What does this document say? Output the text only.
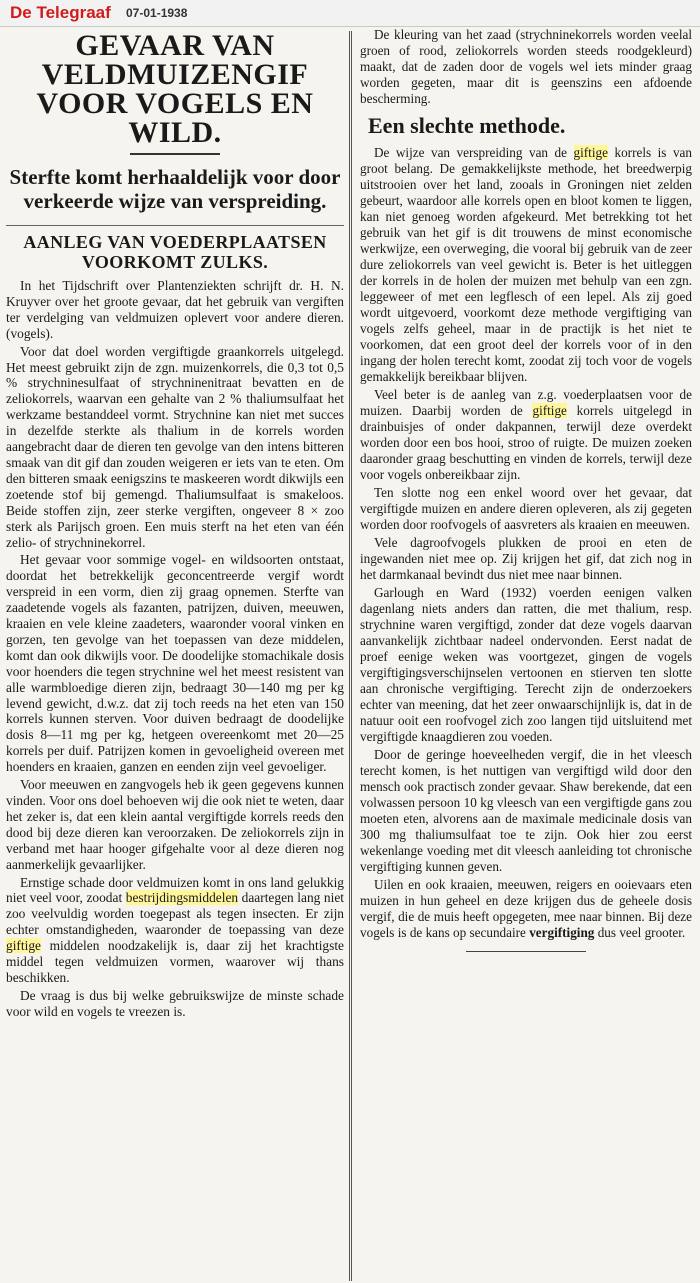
De Telegraaf 07-01-1938
GEVAAR VAN VELDMUIZENGIF VOOR VOGELS EN WILD.
Sterfte komt herhaaldelijk voor door verkeerde wijze van verspreiding.
AANLEG VAN VOEDERPLAATSEN VOORKOMT ZULKS.

In het Tijdschrift over Plantenziekten schrijft dr. H. N. Kruyver over het groote gevaar, dat het gebruik van vergiften ter verdelging van veldmuizen oplevert voor andere dieren. (vogels).

Voor dat doel worden vergiftigde graankorrels uitgelegd. Het meest gebruikt zijn de zgn. muizenkorrels, die 0,3 tot 0,5 % strychninesulfaat of strychninenitraat bevatten en de zeliokorrels, waarvan een gehalte van 2 % thaliumsulfaat het werkzame bestanddeel vormt. Strychnine kan niet met succes in dezelfde sterkte als thalium in de korrels worden aangebracht daar de dieren ten gevolge van den intens bitteren smaak van dit gif dan zouden weigeren er iets van te eten. Om den bitteren smaak eenigszins te maskeeren wordt dikwijls een zoetende stof bij gemengd. Thaliumsulfaat is smakeloos. Beide stoffen zijn, zeer sterke vergiften, ongeveer 8 × zoo sterk als Parijsch groen. Een muis sterft na het eten van één zelio- of strychninekorrel.

Het gevaar voor sommige vogel- en wildsoorten ontstaat, doordat het betrekkelijk geconcentreerde vergif wordt verspreid in een vorm, dien zij graag opnemen. Sterfte van zaadetende vogels als fazanten, patrijzen, duiven, meeuwen, kraaien en vele kleine zaadeters, waaronder vooral vinken en gorzen, ten gevolge van het toepassen van deze middelen, komt dan ook dikwijls voor. De doodelijke stomachikale dosis voor hoenders die tegen strychnine wel het meest resistent van alle warmbloedige dieren zijn, bedraagt 30—140 mg per kg levend gewicht, d.w.z. dat zij toch reeds na het eten van 150 korrels kunnen sterven. Voor duiven bedraagt de doodelijke dosis 8—11 mg per kg, hetgeen overeenkomt met 20—25 korrels per duif. Patrijzen komen in gevoeligheid overeen met hoenders en kraaien, ganzen en eenden zijn veel gevoeliger.

Voor meeuwen en zangvogels heb ik geen gegevens kunnen vinden. Voor ons doel behoeven wij die ook niet te weten, daar het zeker is, dat een klein aantal vergiftigde korrels reeds den dood bij deze dieren kan veroorzaken. De zeliokorrels zijn in verband met haar hooger gifgehalte voor al deze dieren nog aanmerkelijk gevaarlijker.

Ernstige schade door veldmuizen komt in ons land gelukkig niet veel voor, zoodat bestrijdingsmiddelen daartegen lang niet zoo veelvuldig worden toegepast als tegen insecten. Er zijn echter omstandigheden, waaronder de toepassing van deze giftige middelen noodzakelijk is, daar zij het krachtigste middel tegen veldmuizen vormen, waarover wij thans beschikken.

De vraag is dus bij welke gebruikswijze de minste schade voor wild en vogels te vreezen is.

De kleuring van het zaad (strychninekorrels worden veelal groen of rood, zeliokorrels worden steeds roodgekleurd) maakt, dat de zaden door de vogels wel iets minder graag worden gegeten, maar dit is geenszins een afdoende bescherming.

Een slechte methode.

De wijze van verspreiding van de giftige korrels is van groot belang. De gemakkelijkste methode, het breedwerpig uitstrooien over het land, zooals in Groningen niet zelden gebeurt, waardoor alle korrels open en bloot komen te liggen, kan niet genoeg worden afgekeurd. Met betrekking tot het gebruik van het gif is dit trouwens de minst economische werkwijze, een overweging, die vooral bij gebruik van de zeer dure zeliokorrels van veel gewicht is. Beter is het uitleggen der korrels in de holen der muizen met behulp van een zgn. leggeweer of met een legflesch of een lepel. Als zij goed wordt uitgevoerd, voorkomt deze methode vergiftiging van vogels zelfs geheel, maar in de practijk is het niet te voorkomen, dat een groot deel der korrels voor of in den ingang der holen terecht komt, zoodat zij toch voor de vogels gemakkelijk bereikbaar blijven.

Veel beter is de aanleg van z.g. voederplaatsen voor de muizen. Daarbij worden de giftige korrels uitgelegd in drainbuisjes of onder dakpannen, terwijl deze overdekt worden door een bos hooi, stroo of ruigte. De muizen zoeken daaronder graag beschutting en vinden de korrels, terwijl deze voor vogels onbereikbaar zijn.

Ten slotte nog een enkel woord over het gevaar, dat vergiftigde muizen en andere dieren opleveren, als zij gegeten worden door roofvogels of aasvreters als kraaien en meeuwen.

Vele dagroofvogels plukken de prooi en eten de ingewanden niet mee op. Zij krijgen het gif, dat zich nog in het darmkanaal bevindt dus niet mee naar binnen.

Garlough en Ward (1932) voerden eenigen valken dagenlang niets anders dan ratten, die met thalium, resp. strychnine waren vergiftigd, zonder dat deze vogels daarvan aanvankelijk zichtbaar nadeel ondervonden. Eerst nadat de proef eenige weken was voortgezet, gingen de vogels vergiftigingsverschijnselen vertoonen en stierven ten slotte aan chronische vergiftiging. Terecht zijn de onderzoekers echter van meening, dat het zeer onwaarschijnlijk is, dat in de natuur ooit een roofvogel zich zoo langen tijd uitsluitend met vergiftigde knaagdieren zou voeden.

Door de geringe hoeveelheden vergif, die in het vleesch terecht komen, is het nuttigen van vergiftigd wild door den mensch ook practisch zonder gevaar. Shaw berekende, dat een volwassen persoon 10 kg vleesch van een vergiftigde gans zou moeten eten, alvorens aan de maximale medicinale dosis van 300 mg thaliumsulfaat toe te zijn. Ook hier zou eerst wekenlange voeding met dit vleesch aanleiding tot chronische vergiftiging kunnen geven.

Uilen en ook kraaien, meeuwen, reigers en ooievaars eten muizen in hun geheel en deze krijgen dus de geheele dosis vergif, die de muis heeft opgegeten, mee naar binnen. Bij deze vogels is de kans op secundaire vergiftiging dus veel grooter.
